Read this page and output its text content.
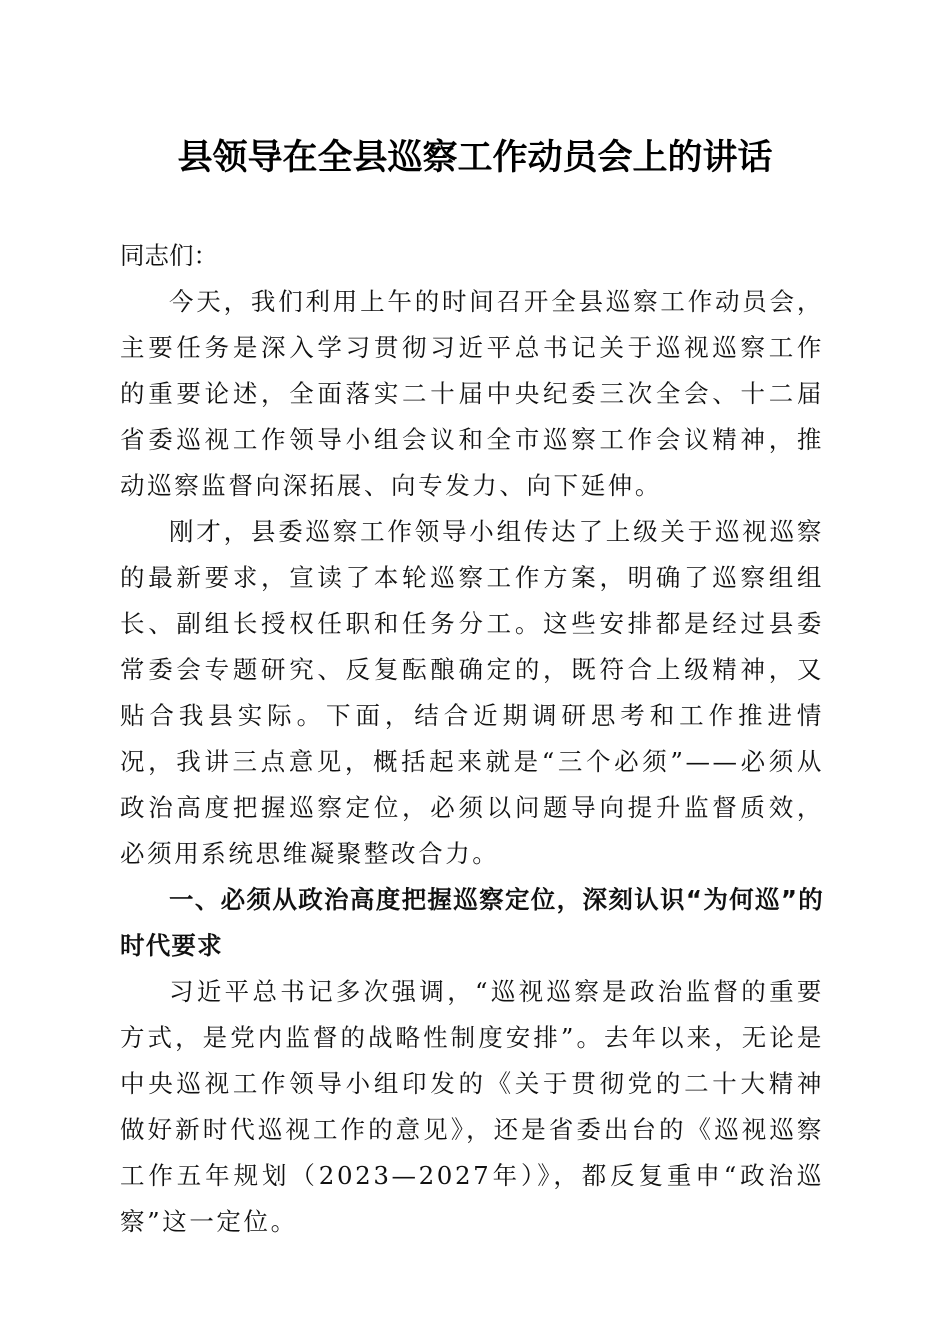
县领导在全县巡察工作动员会上的讲话

同志们：

今天，我们利用上午的时间召开全县巡察工作动员会，主要任务是深入学习贯彻习近平总书记关于巡视巡察工作的重要论述，全面落实二十届中央纪委三次全会、十二届省委巡视工作领导小组会议和全市巡察工作会议精神，推动巡察监督向深拓展、向专发力、向下延伸。

刚才，县委巡察工作领导小组传达了上级关于巡视巡察的最新要求，宣读了本轮巡察工作方案，明确了巡察组组长、副组长授权任职和任务分工。这些安排都是经过县委常委会专题研究、反复酝酿确定的，既符合上级精神，又贴合我县实际。下面，结合近期调研思考和工作推进情况，我讲三点意见，概括起来就是“三个必须”——必须从政治高度把握巡察定位，必须以问题导向提升监督质效，必须用系统思维凝聚整改合力。

一、必须从政治高度把握巡察定位，深刻认识“为何巡”的时代要求

习近平总书记多次强调，“巡视巡察是政治监督的重要方式，是党内监督的战略性制度安排”。去年以来，无论是中央巡视工作领导小组印发的《关于贯彻党的二十大精神做好新时代巡视工作的意见》，还是省委出台的《巡视巡察工作五年规划（2023—2027年）》，都反复重申“政治巡察”这一定位。
